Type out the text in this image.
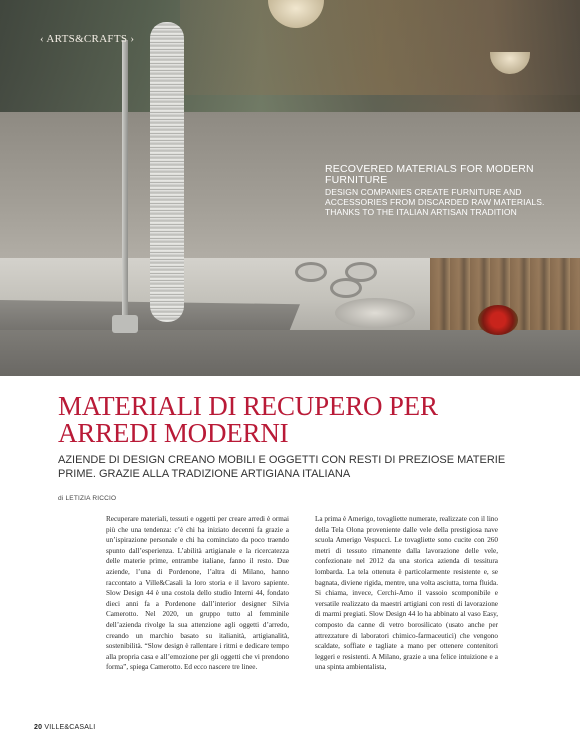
‹ ARTS&CRAFTS ›
RECOVERED MATERIALS FOR MODERN FURNITURE
DESIGN COMPANIES CREATE FURNITURE AND ACCESSORIES FROM DISCARDED RAW MATERIALS. THANKS TO THE ITALIAN ARTISAN TRADITION
MATERIALI DI RECUPERO PER ARREDI MODERNI

AZIENDE DI DESIGN CREANO MOBILI E OGGETTI CON RESTI DI PREZIOSE MATERIE PRIME. GRAZIE ALLA TRADIZIONE ARTIGIANA ITALIANA

di LETIZIA RICCIO

Recuperare materiali, tessuti e oggetti per creare arredi è ormai più che una tendenza: c’è chi ha iniziato decenni fa grazie a un’ispirazione personale e chi ha cominciato da poco traendo spunto dall’esperienza. L’abilità artigianale e la ricercatezza delle materie prime, entrambe italiane, fanno il resto. Due aziende, l’una di Pordenone, l’altra di Milano, hanno raccontato a Ville&Casali la loro storia e il lavoro sapiente. Slow Design 44 è una costola dello studio Interni 44, fondato dieci anni fa a Pordenone dall’interior designer Silvia Camerotto. Nel 2020, un gruppo tutto al femminile dell’azienda rivolge la sua attenzione agli oggetti d’arredo, creando un marchio basato su italianità, artigianalità, sostenibilità. “Slow design è rallentare i ritmi e dedicare tempo alla propria casa e all’emozione per gli oggetti che vi prendono forma”, spiega Camerotto. Ed ecco nascere tre linee.

La prima è Amerigo, tovagliette numerate, realizzate con il lino della Tela Olona proveniente dalle vele della prestigiosa nave scuola Amerigo Vespucci. Le tovagliette sono cucite con 260 metri di tessuto rimanente dalla lavorazione delle vele, confezionate nel 2012 da una storica azienda di tessitura lombarda. La tela ottenuta è particolarmente resistente e, se bagnata, diviene rigida, mentre, una volta asciutta, torna fluida. Si chiama, invece, Cerchi-Amo il vassoio scomponibile e versatile realizzato da maestri artigiani con resti di lavorazione di marmi pregiati. Slow Design 44 lo ha abbinato al vaso Easy, composto da canne di vetro borosilicato (usato anche per attrezzature di laboratori chimico-farmaceutici) che vengono scaldate, soffiate e tagliate a mano per ottenere contenitori leggeri e resistenti. A Milano, grazie a una felice intuizione e a una spinta ambientalista,

20 VILLE&CASALI
